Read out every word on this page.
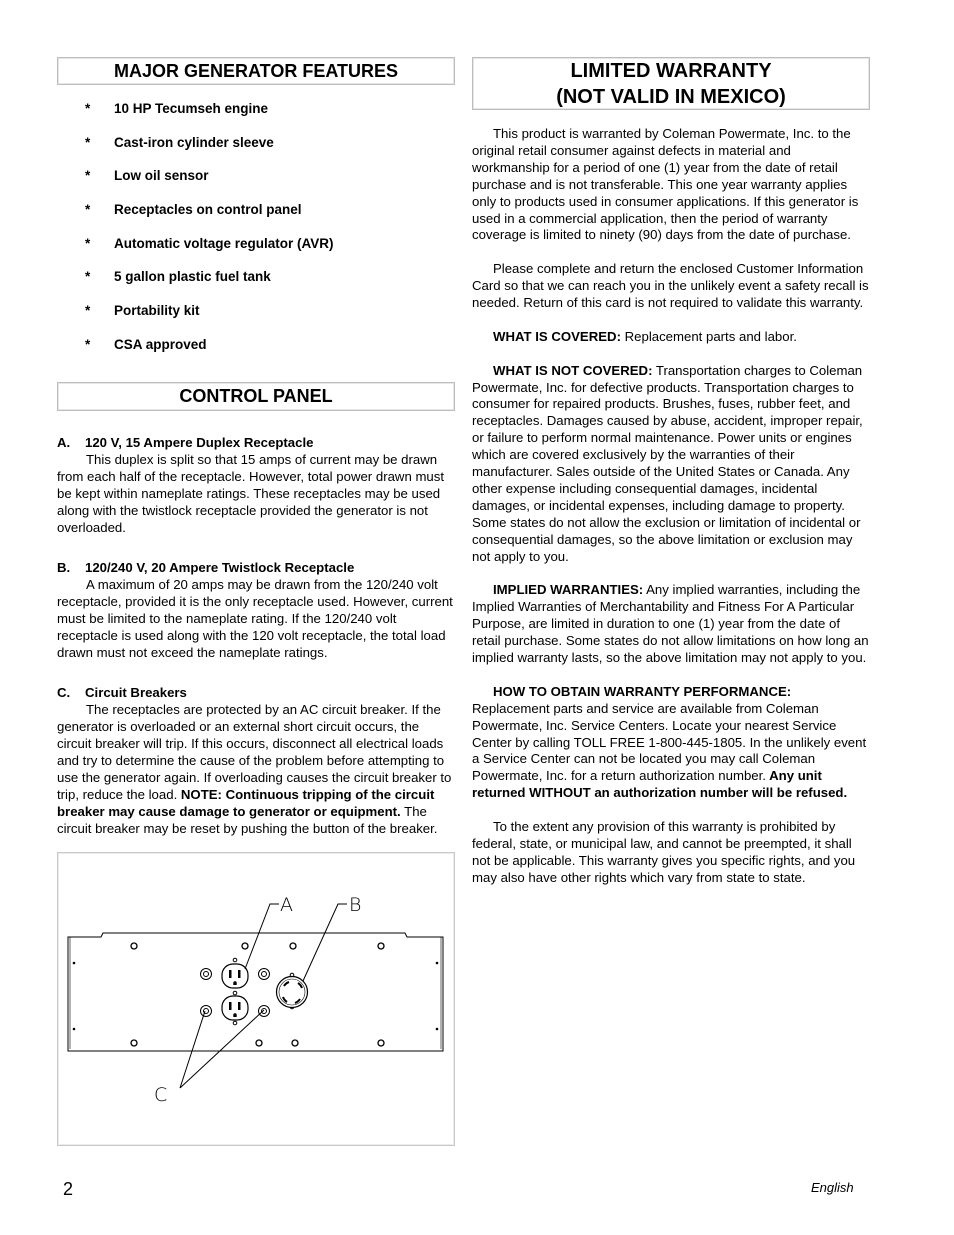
MAJOR GENERATOR FEATURES
* 10 HP Tecumseh engine
* Cast-iron cylinder sleeve
* Low oil sensor
* Receptacles on control panel
* Automatic voltage regulator (AVR)
* 5 gallon plastic fuel tank
* Portability kit
* CSA approved
CONTROL PANEL
A. 120 V, 15 Ampere Duplex Receptacle
This duplex is split so that 15 amps of current may be drawn from each half of the receptacle. However, total power drawn must be kept within nameplate ratings. These receptacles may be used along with the twistlock receptacle provided the generator is not overloaded.
B. 120/240 V, 20 Ampere Twistlock Receptacle
A maximum of 20 amps may be drawn from the 120/240 volt receptacle, provided it is the only receptacle used. However, current must be limited to the nameplate rating. If the 120/240 volt receptacle is used along with the 120 volt receptacle, the total load drawn must not exceed the nameplate ratings.
C. Circuit Breakers
The receptacles are protected by an AC circuit breaker. If the generator is overloaded or an external short circuit occurs, the circuit breaker will trip. If this occurs, disconnect all electrical loads and try to determine the cause of the problem before attempting to use the generator again. If overloading causes the circuit breaker to trip, reduce the load. NOTE: Continuous tripping of the circuit breaker may cause damage to generator or equipment. The circuit breaker may be reset by pushing the button of the breaker.
A	B
C
LIMITED WARRANTY
(NOT VALID IN MEXICO)

This product is warranted by Coleman Powermate, Inc. to the original retail consumer against defects in material and workmanship for a period of one (1) year from the date of retail purchase and is not transferable. This one year warranty applies only to products used in consumer applications. If this generator is used in a commercial application, then the period of warranty coverage is limited to ninety (90) days from the date of purchase.

Please complete and return the enclosed Customer Information Card so that we can reach you in the unlikely event a safety recall is needed. Return of this card is not required to validate this warranty.

WHAT IS COVERED: Replacement parts and labor.

WHAT IS NOT COVERED: Transportation charges to Coleman Powermate, Inc. for defective products. Transportation charges to consumer for repaired products. Brushes, fuses, rubber feet, and receptacles. Damages caused by abuse, accident, improper repair, or failure to perform normal maintenance. Power units or engines which are covered exclusively by the warranties of their manufacturer. Sales outside of the United States or Canada. Any other expense including consequential damages, incidental damages, or incidental expenses, including damage to property. Some states do not allow the exclusion or limitation of incidental or consequential damages, so the above limitation or exclusion may not apply to you.

IMPLIED WARRANTIES: Any implied warranties, including the Implied Warranties of Merchantability and Fitness For A Particular Purpose, are limited in duration to one (1) year from the date of retail purchase. Some states do not allow limitations on how long an implied warranty lasts, so the above limitation may not apply to you.

HOW TO OBTAIN WARRANTY PERFORMANCE: Replacement parts and service are available from Coleman Powermate, Inc. Service Centers. Locate your nearest Service Center by calling TOLL FREE 1-800-445-1805. In the unlikely event a Service Center can not be located you may call Coleman Powermate, Inc. for a return authorization number. Any unit returned WITHOUT an authorization number will be refused.

To the extent any provision of this warranty is prohibited by federal, state, or municipal law, and cannot be preempted, it shall not be applicable. This warranty gives you specific rights, and you may also have other rights which vary from state to state.

2	English
